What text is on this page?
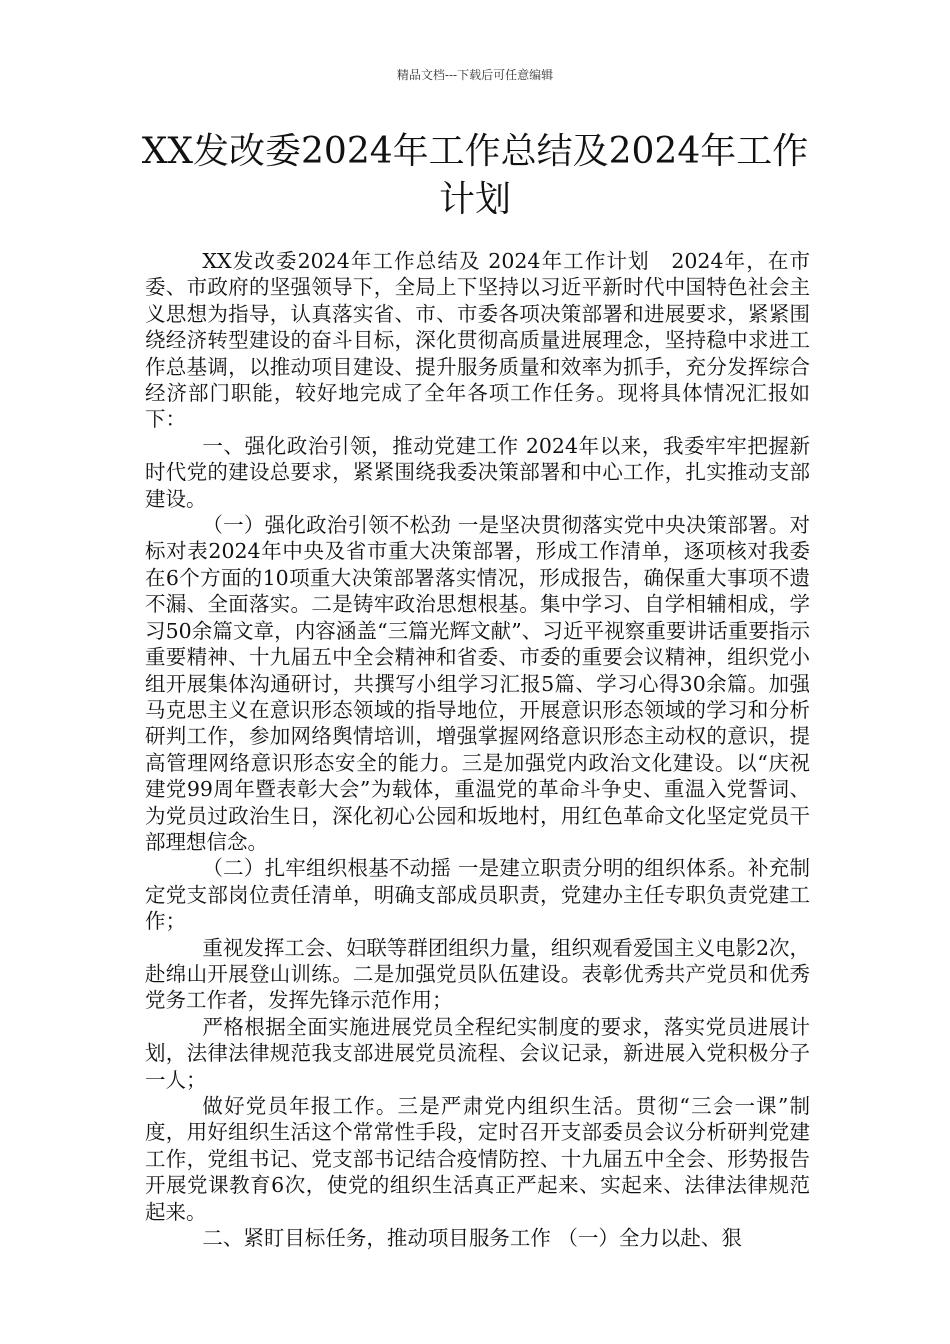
精品文档---下载后可任意编辑
XX发改委2024年工作总结及2024年工作计划

XX发改委2024年工作总结及 2024年工作计划　2024年，在市委、市政府的坚强领导下，全局上下坚持以习近平新时代中国特色社会主义思想为指导，认真落实省、市、市委各项决策部署和进展要求，紧紧围绕经济转型建设的奋斗目标，深化贯彻高质量进展理念，坚持稳中求进工作总基调，以推动项目建设、提升服务质量和效率为抓手，充分发挥综合经济部门职能，较好地完成了全年各项工作任务。现将具体情况汇报如下：

一、强化政治引领，推动党建工作 2024年以来，我委牢牢把握新时代党的建设总要求，紧紧围绕我委决策部署和中心工作，扎实推动支部建设。

（一）强化政治引领不松劲 一是坚决贯彻落实党中央决策部署。对标对表2024年中央及省市重大决策部署，形成工作清单，逐项核对我委在6个方面的10项重大决策部署落实情况，形成报告，确保重大事项不遗不漏、全面落实。二是铸牢政治思想根基。集中学习、自学相辅相成，学习50余篇文章，内容涵盖“三篇光辉文献”、习近平视察重要讲话重要指示重要精神、十九届五中全会精神和省委、市委的重要会议精神，组织党小组开展集体沟通研讨，共撰写小组学习汇报5篇、学习心得30余篇。加强马克思主义在意识形态领域的指导地位，开展意识形态领域的学习和分析研判工作，参加网络舆情培训，增强掌握网络意识形态主动权的意识，提高管理网络意识形态安全的能力。三是加强党内政治文化建设。以“庆祝建党99周年暨表彰大会”为载体，重温党的革命斗争史、重温入党誓词、为党员过政治生日，深化初心公园和坂地村，用红色革命文化坚定党员干部理想信念。

（二）扎牢组织根基不动摇 一是建立职责分明的组织体系。补充制定党支部岗位责任清单，明确支部成员职责，党建办主任专职负责党建工作；

重视发挥工会、妇联等群团组织力量，组织观看爱国主义电影2次，赴绵山开展登山训练。二是加强党员队伍建设。表彰优秀共产党员和优秀党务工作者，发挥先锋示范作用；

严格根据全面实施进展党员全程纪实制度的要求，落实党员进展计划，法律法律规范我支部进展党员流程、会议记录，新进展入党积极分子一人；

做好党员年报工作。三是严肃党内组织生活。贯彻“三会一课”制度，用好组织生活这个常常性手段，定时召开支部委员会议分析研判党建工作，党组书记、党支部书记结合疫情防控、十九届五中全会、形势报告开展党课教育6次，使党的组织生活真正严起来、实起来、法律法律规范起来。

二、紧盯目标任务，推动项目服务工作 （一）全力以赴、狠
